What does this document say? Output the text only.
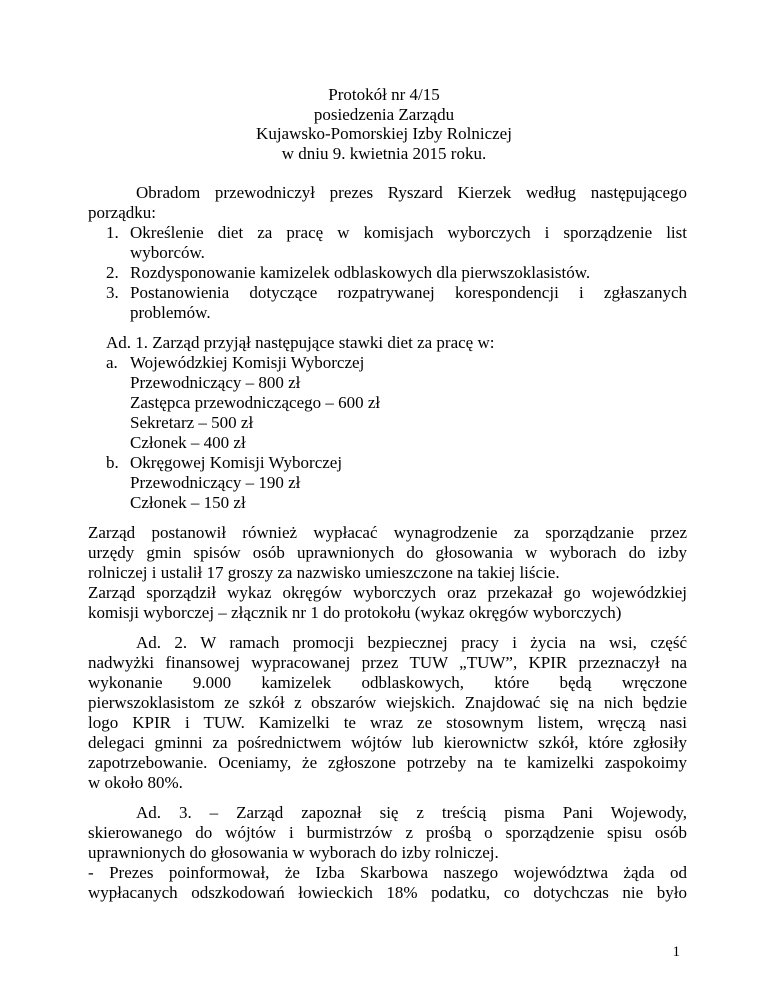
Protokół nr 4/15
posiedzenia Zarządu
Kujawsko-Pomorskiej Izby Rolniczej
w dniu 9. kwietnia 2015 roku.
Obradom przewodniczył prezes Ryszard Kierzek według następującego
porządku:
1. Określenie diet za pracę w komisjach wyborczych i sporządzenie list
wyborców.
2. Rozdysponowanie kamizelek odblaskowych dla pierwszoklasistów.
3. Postanowienia dotyczące rozpatrywanej korespondencji i zgłaszanych
problemów.
Ad. 1. Zarząd przyjął następujące stawki diet za pracę w:
a. Wojewódzkiej Komisji Wyborczej
Przewodniczący – 800 zł
Zastępca przewodniczącego – 600 zł
Sekretarz – 500 zł
Członek – 400 zł
b. Okręgowej Komisji Wyborczej
Przewodniczący – 190 zł
Członek – 150 zł
Zarząd postanowił również wypłacać wynagrodzenie za sporządzanie przez
urzędy gmin spisów osób uprawnionych do głosowania w wyborach do izby
rolniczej i ustalił 17 groszy za nazwisko umieszczone na takiej liście.
Zarząd sporządził wykaz okręgów wyborczych oraz przekazał go wojewódzkiej
komisji wyborczej – złącznik nr 1 do protokołu (wykaz okręgów wyborczych)
Ad. 2. W ramach promocji bezpiecznej pracy i życia na wsi, część
nadwyżki finansowej wypracowanej przez TUW „TUW”, KPIR przeznaczył na
wykonanie 9.000 kamizelek odblaskowych, które będą wręczone
pierwszoklasistom ze szkół z obszarów wiejskich. Znajdować się na nich będzie
logo KPIR i TUW. Kamizelki te wraz ze stosownym listem, wręczą nasi
delegaci gminni za pośrednictwem wójtów lub kierownictw szkół, które zgłosiły
zapotrzebowanie. Oceniamy, że zgłoszone potrzeby na te kamizelki zaspokoimy
w około 80%.
Ad. 3. – Zarząd zapoznał się z treścią pisma Pani Wojewody,
skierowanego do wójtów i burmistrzów z prośbą o sporządzenie spisu osób
uprawnionych do głosowania w wyborach do izby rolniczej.
- Prezes poinformował, że Izba Skarbowa naszego województwa żąda od
wypłacanych odszkodowań łowieckich 18% podatku, co dotychczas nie było
1
